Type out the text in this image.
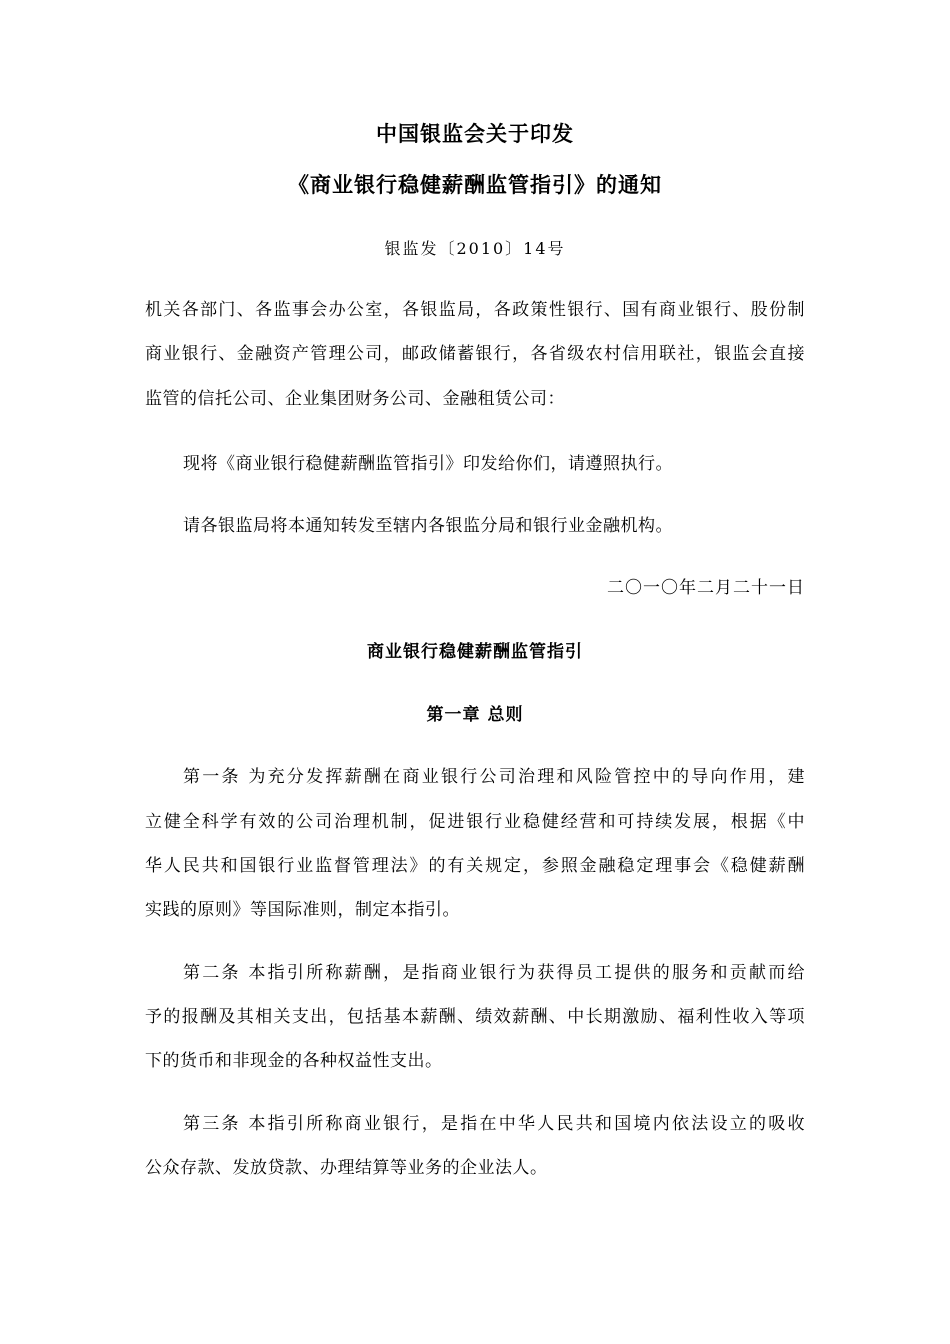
中国银监会关于印发
《商业银行稳健薪酬监管指引》的通知
银监发〔2010〕14号
机关各部门、各监事会办公室，各银监局，各政策性银行、国有商业银行、股份制
商业银行、金融资产管理公司，邮政储蓄银行，各省级农村信用联社，银监会直接
监管的信托公司、企业集团财务公司、金融租赁公司：
现将《商业银行稳健薪酬监管指引》印发给你们，请遵照执行。
请各银监局将本通知转发至辖内各银监分局和银行业金融机构。
二〇一〇年二月二十一日
商业银行稳健薪酬监管指引
第一章 总则
第一条 为充分发挥薪酬在商业银行公司治理和风险管控中的导向作用，建
立健全科学有效的公司治理机制，促进银行业稳健经营和可持续发展，根据《中
华人民共和国银行业监督管理法》的有关规定，参照金融稳定理事会《稳健薪酬
实践的原则》等国际准则，制定本指引。
第二条 本指引所称薪酬，是指商业银行为获得员工提供的服务和贡献而给
予的报酬及其相关支出，包括基本薪酬、绩效薪酬、中长期激励、福利性收入等项
下的货币和非现金的各种权益性支出。
第三条 本指引所称商业银行，是指在中华人民共和国境内依法设立的吸收
公众存款、发放贷款、办理结算等业务的企业法人。
